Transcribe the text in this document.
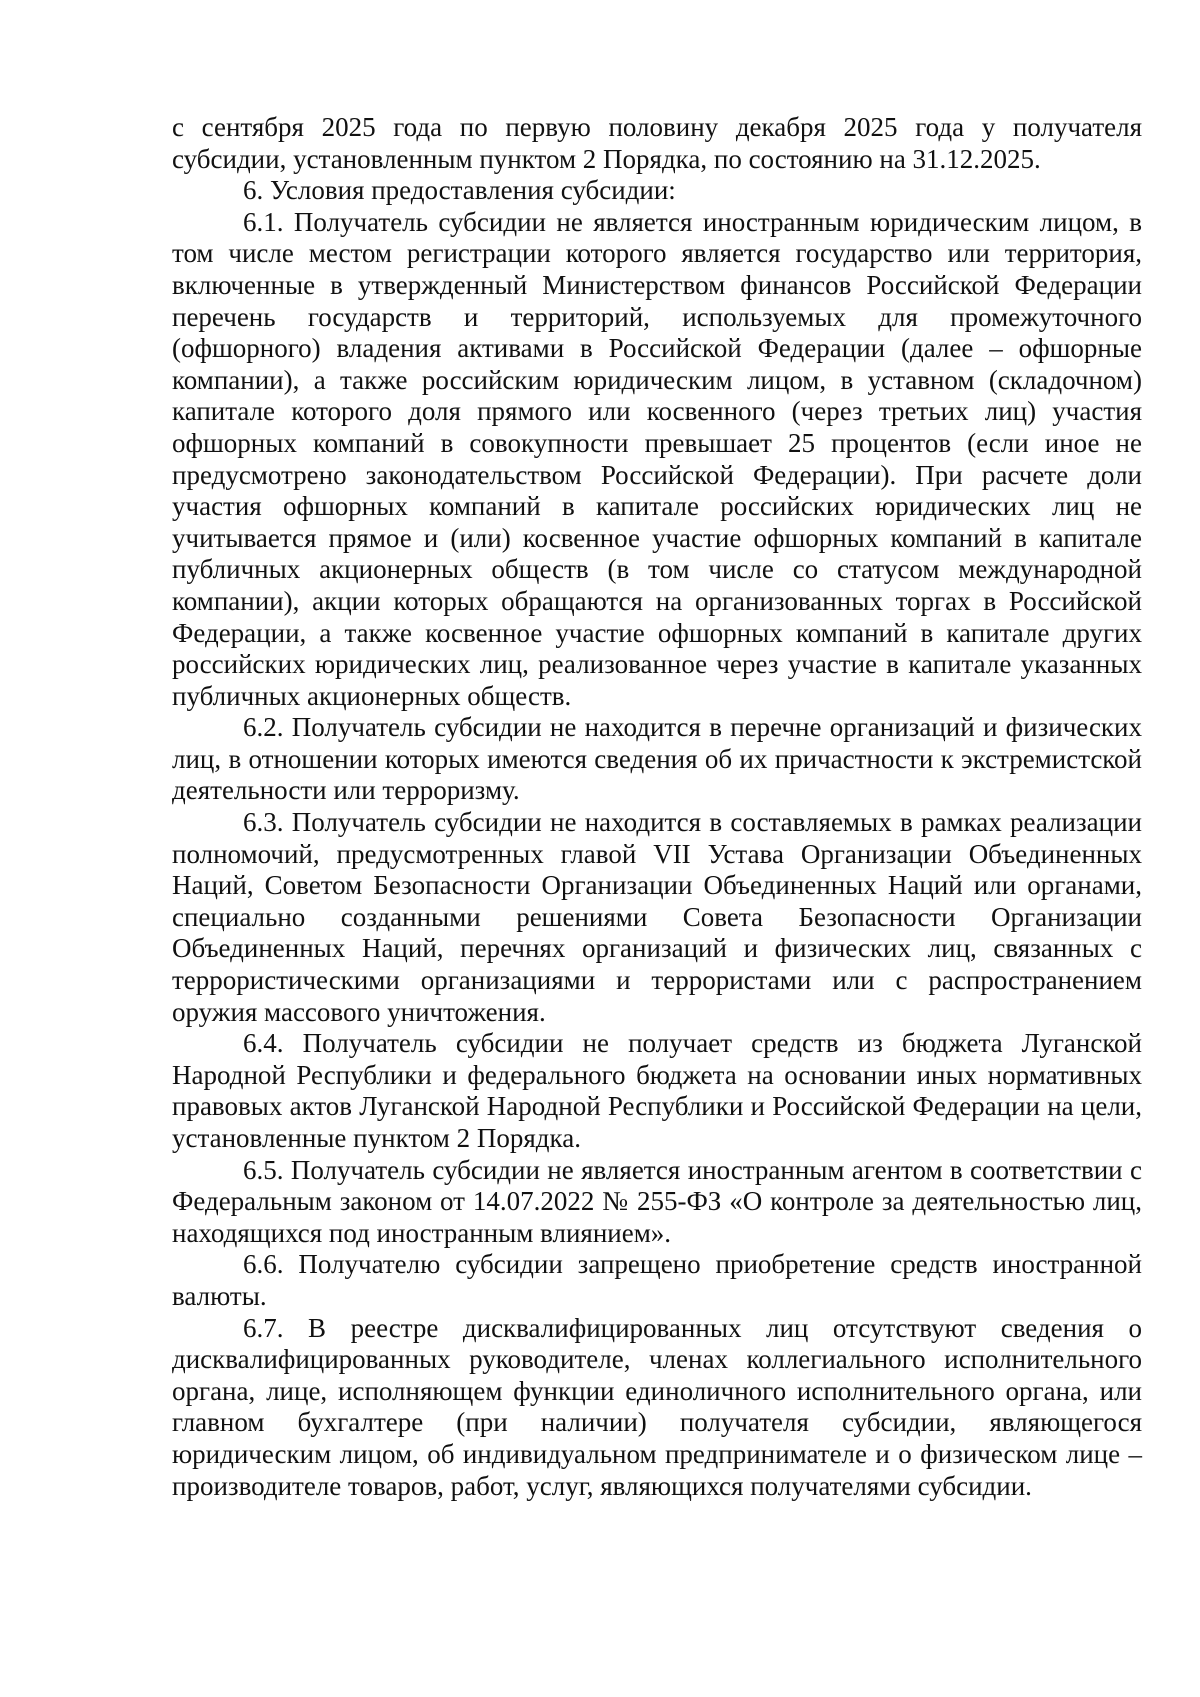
с сентября 2025 года по первую половину декабря 2025 года у получателя субсидии, установленным пунктом 2 Порядка, по состоянию на 31.12.2025.

6. Условия предоставления субсидии:

6.1. Получатель субсидии не является иностранным юридическим лицом, в том числе местом регистрации которого является государство или территория, включенные в утвержденный Министерством финансов Российской Федерации перечень государств и территорий, используемых для промежуточного (офшорного) владения активами в Российской Федерации (далее – офшорные компании), а также российским юридическим лицом, в уставном (складочном) капитале которого доля прямого или косвенного (через третьих лиц) участия офшорных компаний в совокупности превышает 25 процентов (если иное не предусмотрено законодательством Российской Федерации). При расчете доли участия офшорных компаний в капитале российских юридических лиц не учитывается прямое и (или) косвенное участие офшорных компаний в капитале публичных акционерных обществ (в том числе со статусом международной компании), акции которых обращаются на организованных торгах в Российской Федерации, а также косвенное участие офшорных компаний в капитале других российских юридических лиц, реализованное через участие в капитале указанных публичных акционерных обществ.

6.2. Получатель субсидии не находится в перечне организаций и физических лиц, в отношении которых имеются сведения об их причастности к экстремистской деятельности или терроризму.

6.3. Получатель субсидии не находится в составляемых в рамках реализации полномочий, предусмотренных главой VII Устава Организации Объединенных Наций, Советом Безопасности Организации Объединенных Наций или органами, специально созданными решениями Совета Безопасности Организации Объединенных Наций, перечнях организаций и физических лиц, связанных с террористическими организациями и террористами или с распространением оружия массового уничтожения.

6.4. Получатель субсидии не получает средств из бюджета Луганской Народной Республики и федерального бюджета на основании иных нормативных правовых актов Луганской Народной Республики и Российской Федерации на цели, установленные пунктом 2 Порядка.

6.5. Получатель субсидии не является иностранным агентом в соответствии с Федеральным законом от 14.07.2022 № 255-ФЗ «О контроле за деятельностью лиц, находящихся под иностранным влиянием».

6.6. Получателю субсидии запрещено приобретение средств иностранной валюты.

6.7. В реестре дисквалифицированных лиц отсутствуют сведения о дисквалифицированных руководителе, членах коллегиального исполнительного органа, лице, исполняющем функции единоличного исполнительного органа, или главном бухгалтере (при наличии) получателя субсидии, являющегося юридическим лицом, об индивидуальном предпринимателе и о физическом лице – производителе товаров, работ, услуг, являющихся получателями субсидии.
